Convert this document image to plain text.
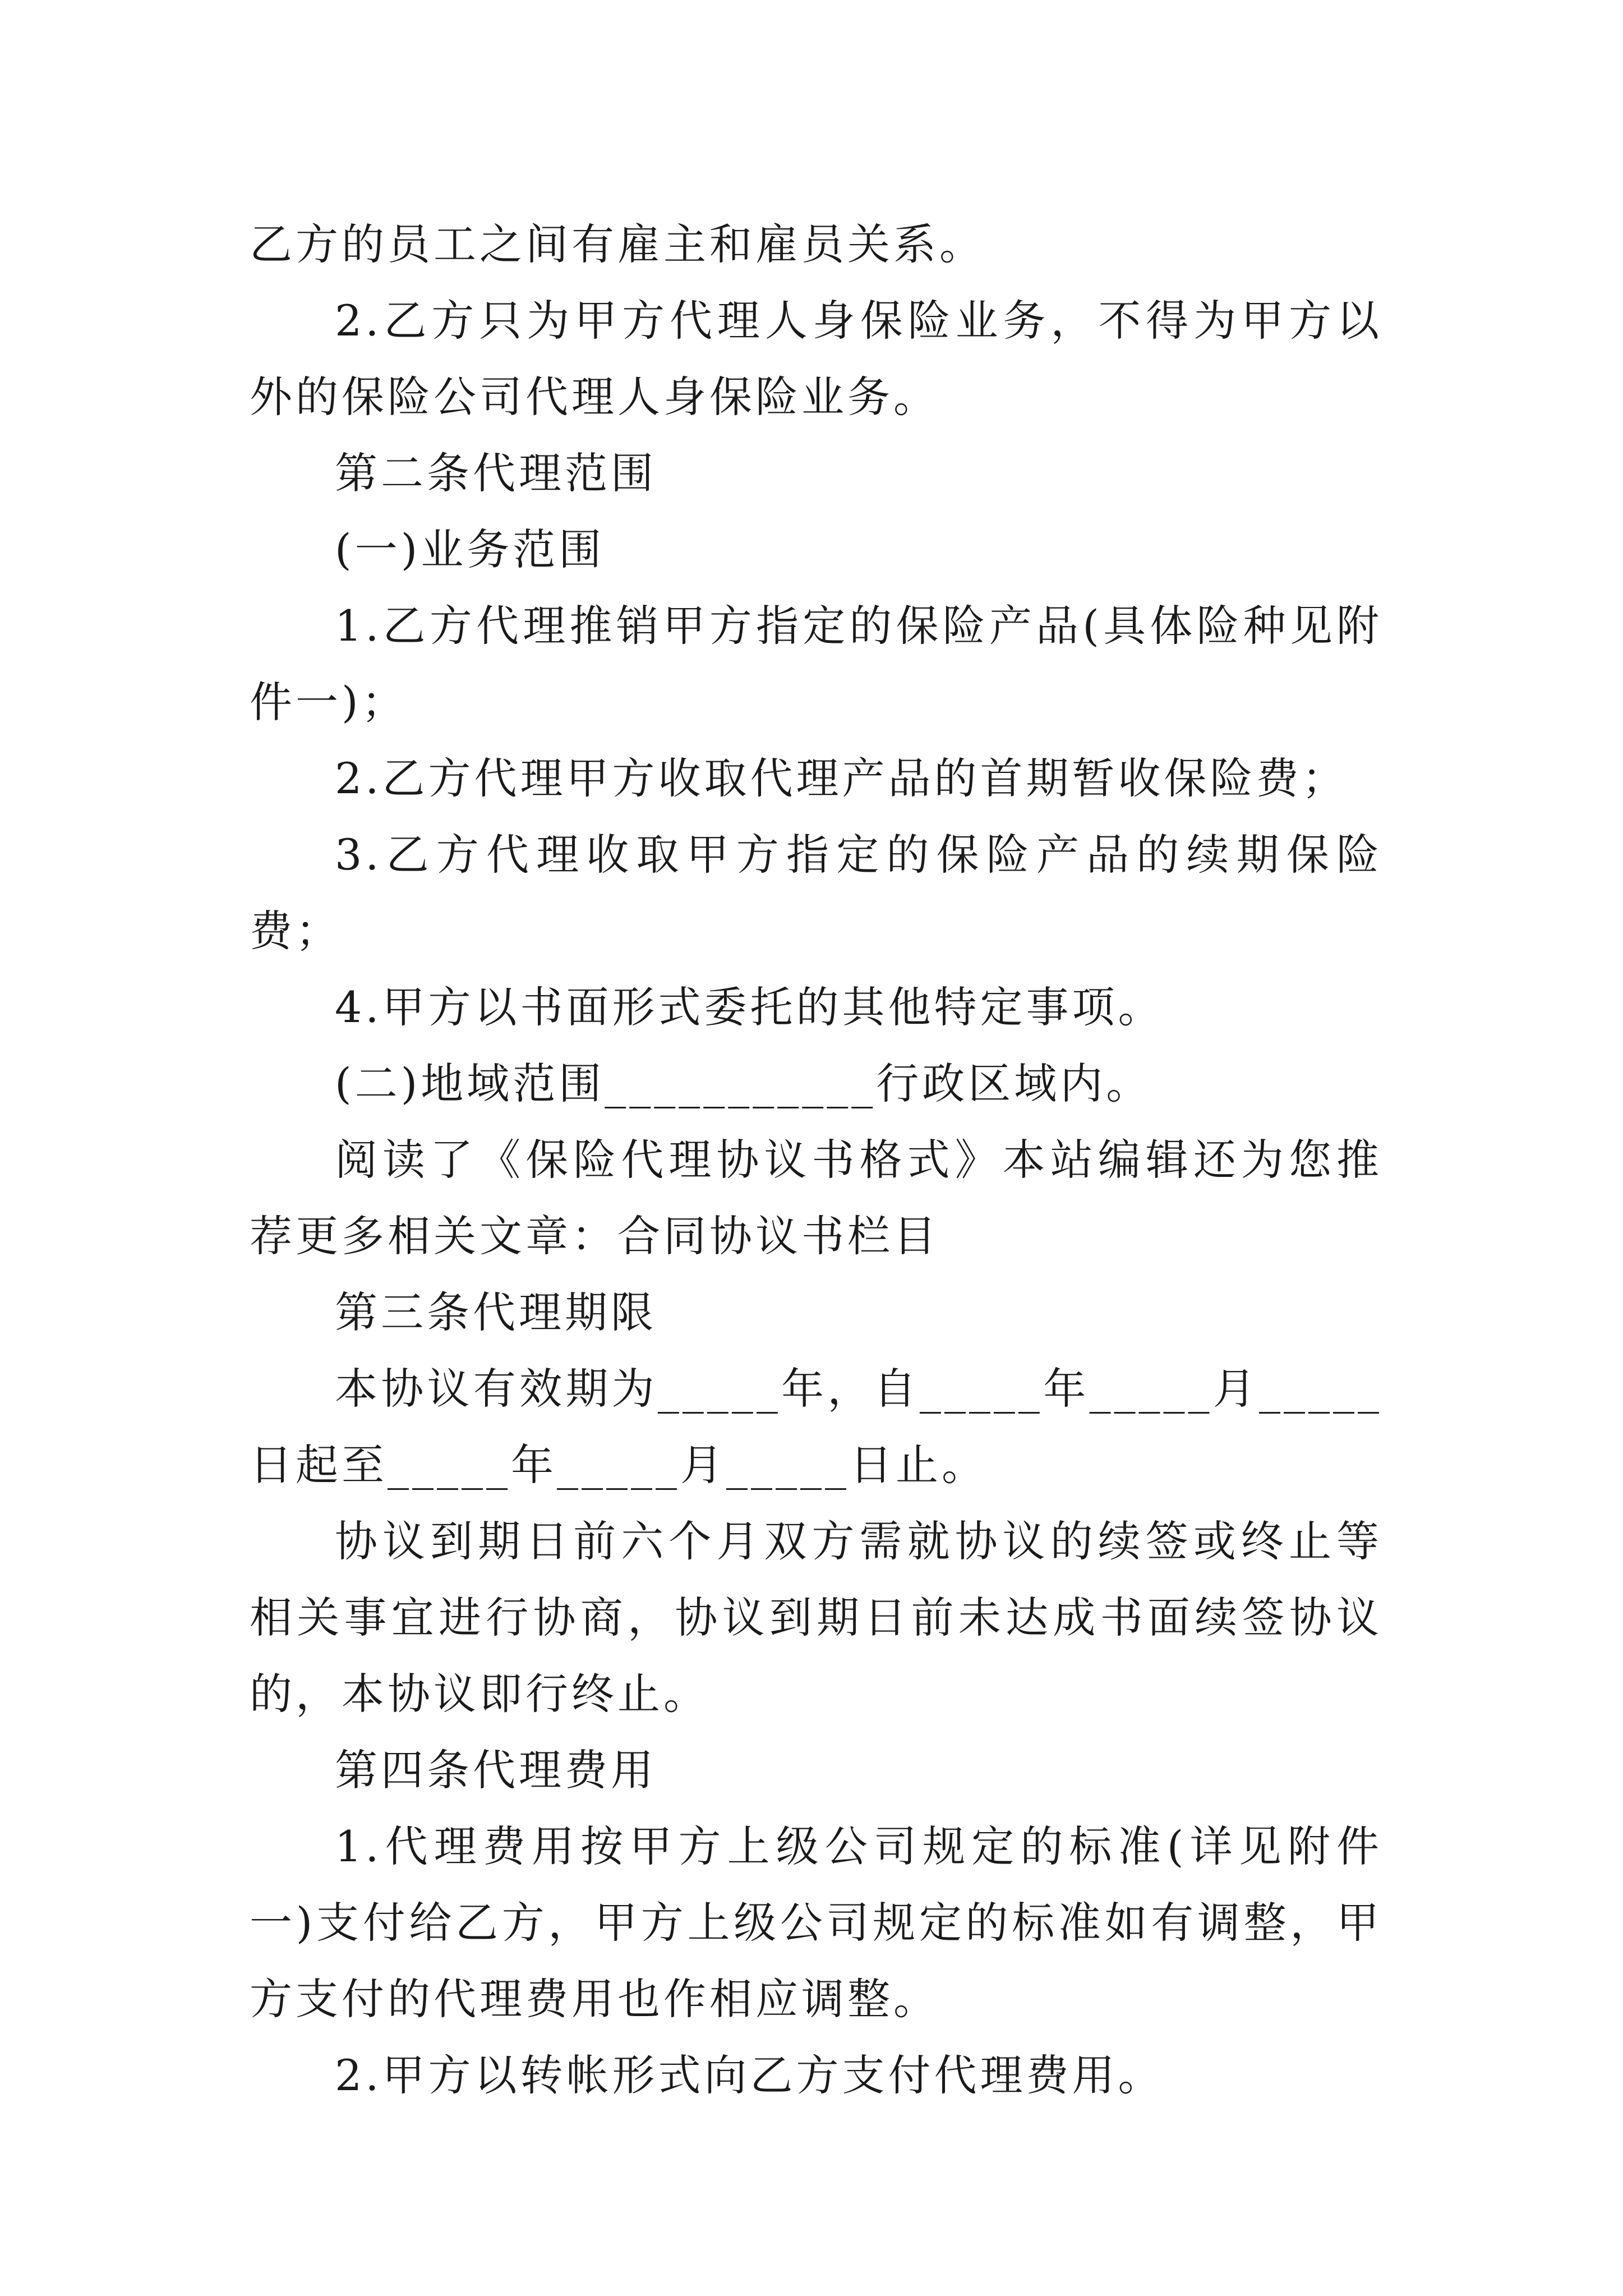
乙方的员工之间有雇主和雇员关系。

2.乙方只为甲方代理人身保险业务，不得为甲方以外的保险公司代理人身保险业务。

第二条代理范围

(一)业务范围

1.乙方代理推销甲方指定的保险产品(具体险种见附件一)；

2.乙方代理甲方收取代理产品的首期暂收保险费；

3.乙方代理收取甲方指定的保险产品的续期保险费；

4.甲方以书面形式委托的其他特定事项。

(二)地域范围___________行政区域内。

阅读了《保险代理协议书格式》本站编辑还为您推荐更多相关文章：合同协议书栏目

第三条代理期限

本协议有效期为_____年，自_____年_____月_____日起至_____年_____月_____日止。

协议到期日前六个月双方需就协议的续签或终止等相关事宜进行协商，协议到期日前未达成书面续签协议的，本协议即行终止。

第四条代理费用

1.代理费用按甲方上级公司规定的标准(详见附件一)支付给乙方，甲方上级公司规定的标准如有调整，甲方支付的代理费用也作相应调整。

2.甲方以转帐形式向乙方支付代理费用。
